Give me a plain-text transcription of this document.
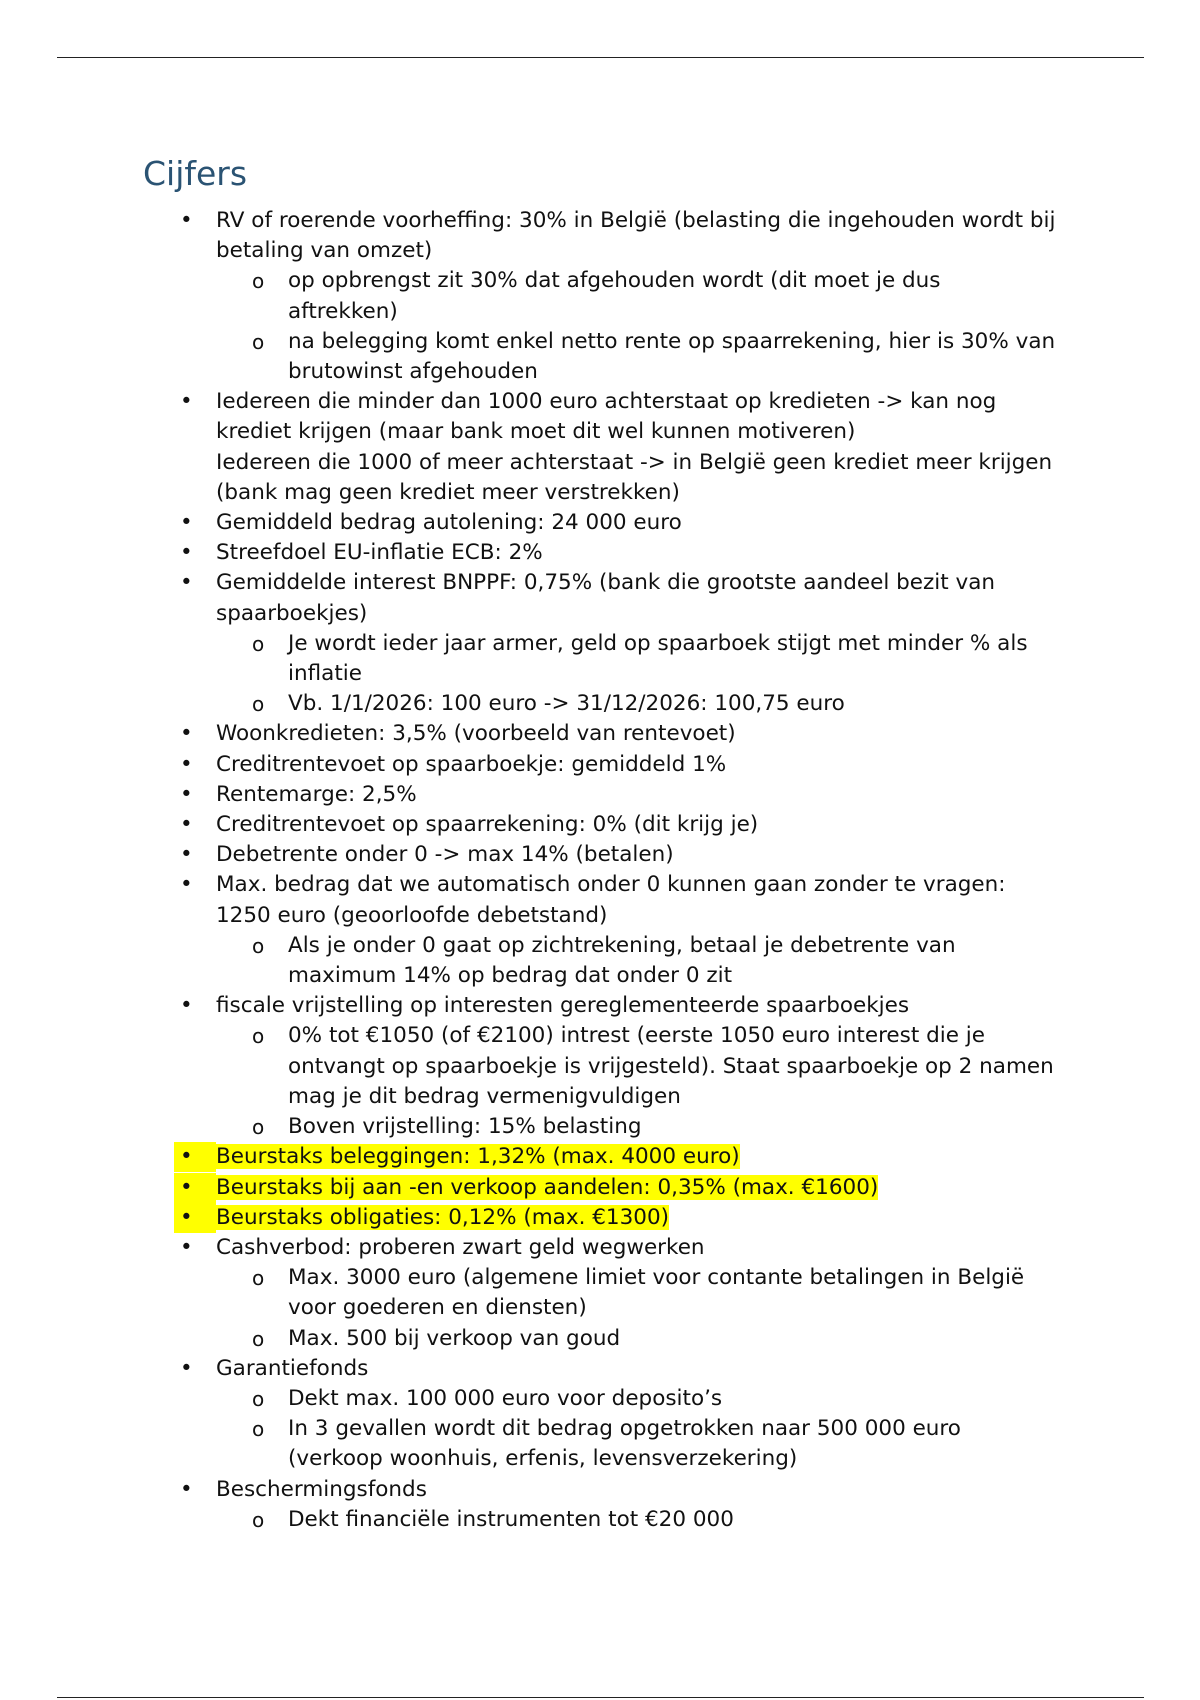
Cijfers
• RV of roerende voorheffing: 30% in België (belasting die ingehouden wordt bij betaling van omzet)
o op opbrengst zit 30% dat afgehouden wordt (dit moet je dus aftrekken)
o na belegging komt enkel netto rente op spaarrekening, hier is 30% van brutowinst afgehouden
• Iedereen die minder dan 1000 euro achterstaat op kredieten -> kan nog krediet krijgen (maar bank moet dit wel kunnen motiveren)
Iedereen die 1000 of meer achterstaat -> in België geen krediet meer krijgen (bank mag geen krediet meer verstrekken)
• Gemiddeld bedrag autolening: 24 000 euro
• Streefdoel EU-inflatie ECB: 2%
• Gemiddelde interest BNPPF: 0,75% (bank die grootste aandeel bezit van spaarboekjes)
o Je wordt ieder jaar armer, geld op spaarboek stijgt met minder % als inflatie
o Vb. 1/1/2026: 100 euro -> 31/12/2026: 100,75 euro
• Woonkredieten: 3,5% (voorbeeld van rentevoet)
• Creditrentevoet op spaarboekje: gemiddeld 1%
• Rentemarge: 2,5%
• Creditrentevoet op spaarrekening: 0% (dit krijg je)
• Debetrente onder 0 -> max 14% (betalen)
• Max. bedrag dat we automatisch onder 0 kunnen gaan zonder te vragen: 1250 euro (geoorloofde debetstand)
o Als je onder 0 gaat op zichtrekening, betaal je debetrente van maximum 14% op bedrag dat onder 0 zit
• fiscale vrijstelling op interesten gereglementeerde spaarboekjes
o 0% tot €1050 (of €2100) intrest (eerste 1050 euro interest die je ontvangt op spaarboekje is vrijgesteld). Staat spaarboekje op 2 namen mag je dit bedrag vermenigvuldigen
o Boven vrijstelling: 15% belasting
• Beurstaks beleggingen: 1,32% (max. 4000 euro)
• Beurstaks bij aan -en verkoop aandelen: 0,35% (max. €1600)
• Beurstaks obligaties: 0,12% (max. €1300)
• Cashverbod: proberen zwart geld wegwerken
o Max. 3000 euro (algemene limiet voor contante betalingen in België voor goederen en diensten)
o Max. 500 bij verkoop van goud
• Garantiefonds
o Dekt max. 100 000 euro voor deposito’s
o In 3 gevallen wordt dit bedrag opgetrokken naar 500 000 euro (verkoop woonhuis, erfenis, levensverzekering)
• Beschermingsfonds
o Dekt financiële instrumenten tot €20 000
